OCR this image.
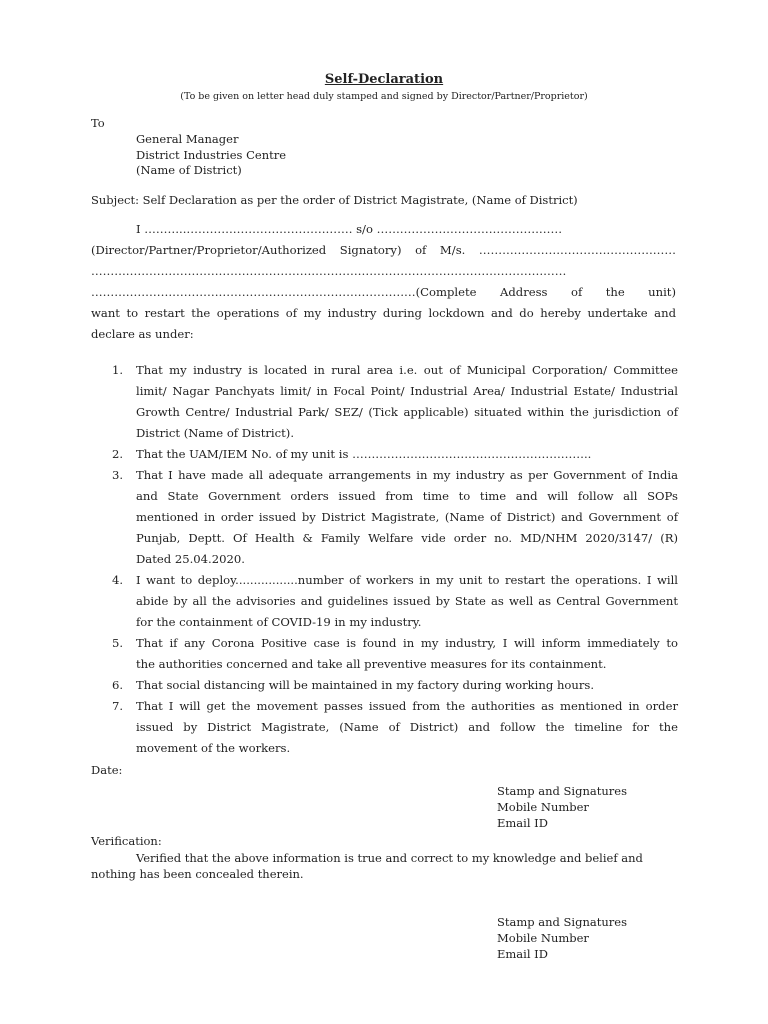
Self-Declaration
(To be given on letter head duly stamped and signed by Director/Partner/Proprietor)
To
General Manager
District Industries Centre
(Name of District)
Subject: Self Declaration as per the order of District Magistrate, (Name of District)
I ………..……………………………………. s/o …………………………………………
(Director/Partner/Proprietor/Authorized Signatory) of M/s. ……………………………………………
……………………………………………………………………………………………………………
…………………………………………………………………………(Complete Address of the unit)
want to restart the operations of my industry during lockdown and do hereby undertake and
declare as under:
1.	That my industry is located in rural area i.e. out of Municipal Corporation/ Committee
limit/ Nagar Panchyats limit/ in Focal Point/ Industrial Area/ Industrial Estate/ Industrial
Growth Centre/ Industrial Park/ SEZ/ (Tick applicable) situated within the jurisdiction of
District (Name of District).
2.	That the UAM/IEM No. of my unit is ……………………………………………………..
3.	That I have made all adequate arrangements in my industry as per Government of India
and State Government orders issued from time to time and will follow all SOPs
mentioned in order issued by District Magistrate, (Name of District) and Government of
Punjab, Deptt. Of Health & Family Welfare vide order no. MD/NHM 2020/3147/ (R)
Dated 25.04.2020.
4.	I want to deploy.................number of workers in my unit to restart the operations. I will
abide by all the advisories and guidelines issued by State as well as Central Government
for the containment of COVID-19 in my industry.
5.	That if any Corona Positive case is found in my industry, I will inform immediately to
the authorities concerned and take all preventive measures for its containment.
6.	That social distancing will be maintained in my factory during working hours.
7.	That I will get the movement passes issued from the authorities as mentioned in order
issued by District Magistrate, (Name of District) and follow the timeline for the
movement of the workers.
Date:
Stamp and Signatures
Mobile Number
Email ID
Verification:
Verified that the above information is true and correct to my knowledge and belief and
nothing has been concealed therein.
Stamp and Signatures
Mobile Number
Email ID
